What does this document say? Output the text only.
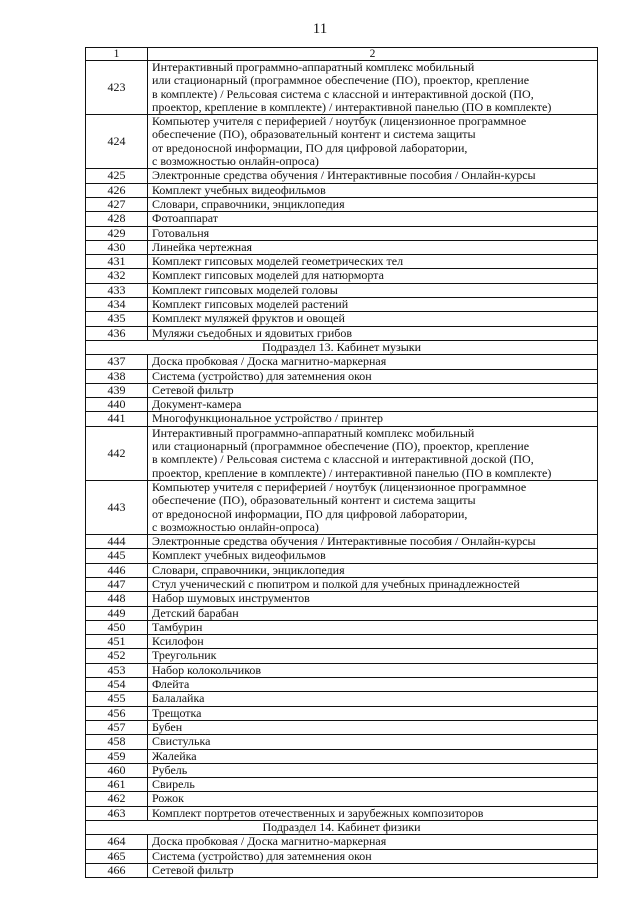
11
1	2
423	Интерактивный программно-аппаратный комплекс мобильный
или стационарный (программное обеспечение (ПО), проектор, крепление
в комплекте) / Рельсовая система с классной и интерактивной доской (ПО,
проектор, крепление в комплекте) / интерактивной панелью (ПО в комплекте)

424	Компьютер учителя с периферией / ноутбук (лицензионное программное
обеспечение (ПО), образовательный контент и система защиты
от вредоносной информации, ПО для цифровой лаборатории,
с возможностью онлайн-опроса)

425	Электронные средства обучения / Интерактивные пособия / Онлайн-курсы

426	Комплект учебных видеофильмов

427	Словари, справочники, энциклопедия

428	Фотоаппарат

429	Готовальня

430	Линейка чертежная

431	Комплект гипсовых моделей геометрических тел

432	Комплект гипсовых моделей для натюрморта

433	Комплект гипсовых моделей головы

434	Комплект гипсовых моделей растений

435	Комплект муляжей фруктов и овощей

436	Муляжи съедобных и ядовитых грибов

Подраздел 13. Кабинет музыки	
437	Доска пробковая / Доска магнитно-маркерная

438	Система (устройство) для затемнения окон

439	Сетевой фильтр

440	Документ-камера

441	Многофункциональное устройство / принтер

442	Интерактивный программно-аппаратный комплекс мобильный
или стационарный (программное обеспечение (ПО), проектор, крепление
в комплекте) / Рельсовая система с классной и интерактивной доской (ПО,
проектор, крепление в комплекте) / интерактивной панелью (ПО в комплекте)

443	Компьютер учителя с периферией / ноутбук (лицензионное программное
обеспечение (ПО), образовательный контент и система защиты
от вредоносной информации, ПО для цифровой лаборатории,
с возможностью онлайн-опроса)

444	Электронные средства обучения / Интерактивные пособия / Онлайн-курсы

445	Комплект учебных видеофильмов

446	Словари, справочники, энциклопедия

447	Стул ученический с пюпитром и полкой для учебных принадлежностей

448	Набор шумовых инструментов

449	Детский барабан

450	Тамбурин

451	Ксилофон

452	Треугольник

453	Набор колокольчиков

454	Флейта

455	Балалайка

456	Трещотка

457	Бубен

458	Свистулька

459	Жалейка

460	Рубель

461	Свирель

462	Рожок

463	Комплект портретов отечественных и зарубежных композиторов

Подраздел 14. Кабинет физики	
464	Доска пробковая / Доска магнитно-маркерная

465	Система (устройство) для затемнения окон

466	Сетевой фильтр
